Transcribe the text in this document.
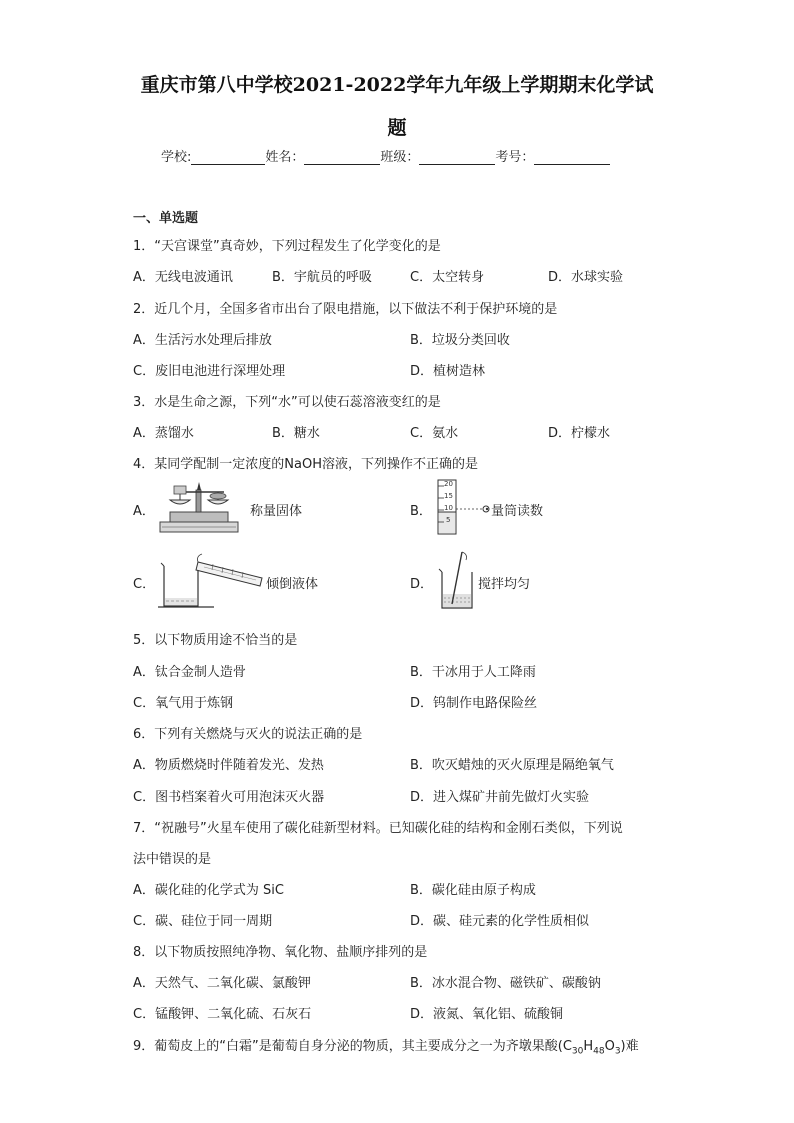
重庆市第八中学校2021-2022学年九年级上学期期末化学试
题
学校:	姓名：	班级：	考号：
一、单选题
1．“天宫课堂”真奇妙，下列过程发生了化学变化的是
A．无线电波通讯	B．宇航员的呼吸	C．太空转身	D．水球实验
2．近几个月，全国多省市出台了限电措施，以下做法不利于保护环境的是
A．生活污水处理后排放	B．垃圾分类回收
C．废旧电池进行深埋处理	D．植树造林
3．水是生命之源，下列“水”可以使石蕊溶液变红的是
A．蒸馏水	B．糖水	C．氨水	D．柠檬水
4．某同学配制一定浓度的NaOH溶液，下列操作不正确的是
A．	称量固体	B．
20
15
10
5
量筒读数
C．	倾倒液体	D．	搅拌均匀
5．以下物质用途不恰当的是
A．钛合金制人造骨	B．干冰用于人工降雨
C．氧气用于炼钢	D．钨制作电路保险丝
6．下列有关燃烧与灭火的说法正确的是
A．物质燃烧时伴随着发光、发热	B．吹灭蜡烛的灭火原理是隔绝氧气
C．图书档案着火可用泡沫灭火器	D．进入煤矿井前先做灯火实验
7．“祝融号”火星车使用了碳化硅新型材料。已知碳化硅的结构和金刚石类似，下列说
法中错误的是
A．碳化硅的化学式为 SiC	B．碳化硅由原子构成
C．碳、硅位于同一周期	D．碳、硅元素的化学性质相似
8．以下物质按照纯净物、氧化物、盐顺序排列的是
A．天然气、二氧化碳、氯酸钾	B．冰水混合物、磁铁矿、碳酸钠
C．锰酸钾、二氧化硫、石灰石	D．液氮、氧化铝、硫酸铜
9．葡萄皮上的“白霜”是葡萄自身分泌的物质，其主要成分之一为齐墩果酸$(C_{30}H_{48}O_3)$难
